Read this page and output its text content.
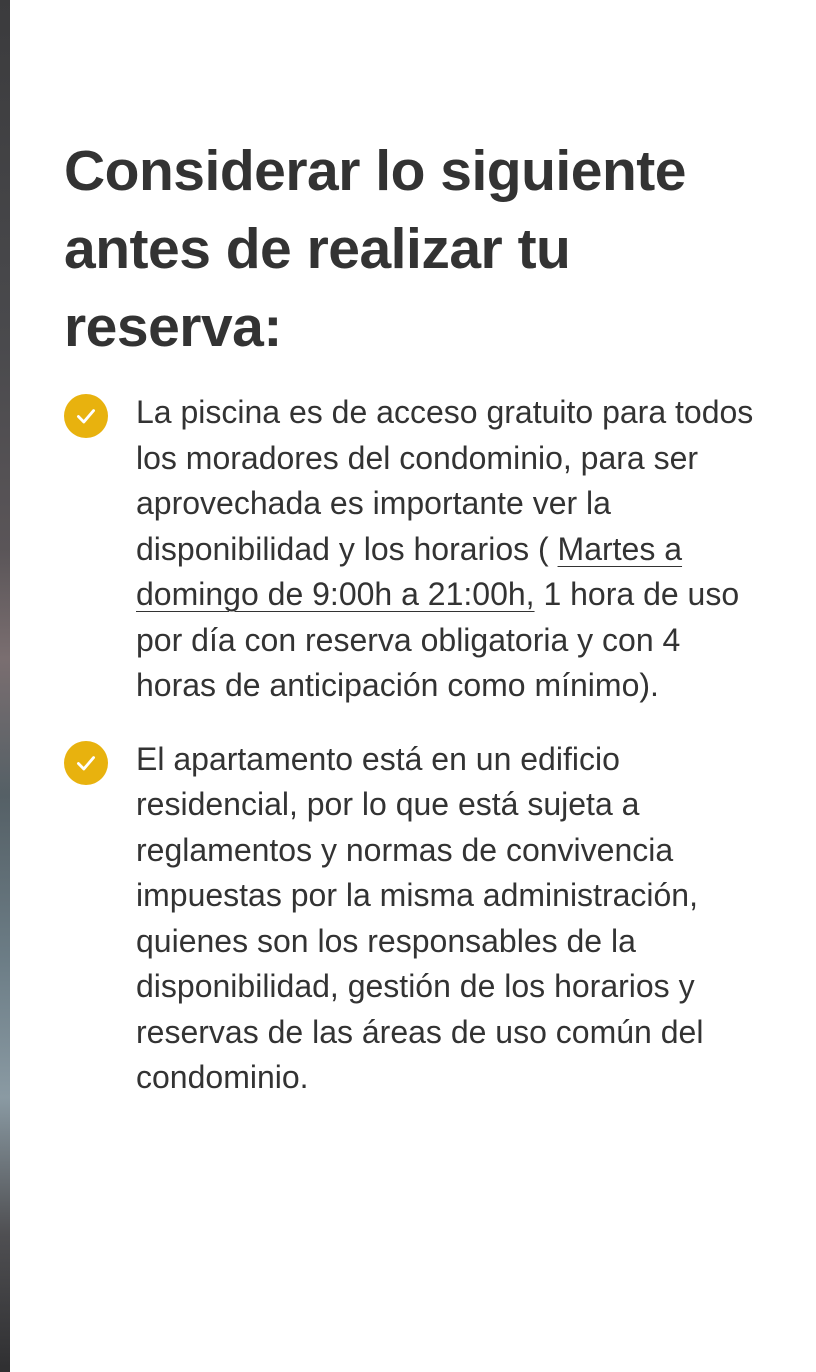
Considerar lo siguiente antes de realizar tu reserva:

La piscina es de acceso gratuito para todos los moradores del condominio, para ser aprovechada es importante ver la disponibilidad y los horarios ( Martes a domingo de 9:00h a 21:00h, 1 hora de uso por día con reserva obligatoria y con 4 horas de anticipación como mínimo).

El apartamento está en un edificio residencial, por lo que está sujeta a reglamentos y normas de convivencia impuestas por la misma administración, quienes son los responsables de la disponibilidad, gestión de los horarios y reservas de las áreas de uso común del condominio.
